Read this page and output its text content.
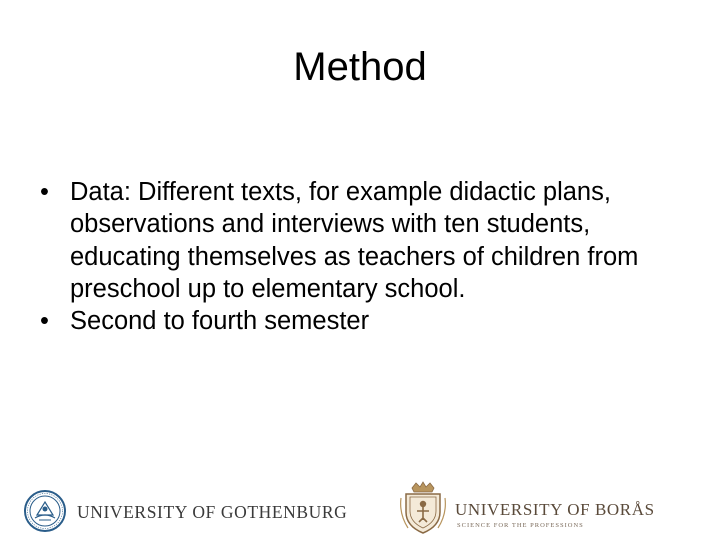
Method
• Data: Different texts, for example didactic plans, observations and interviews with ten students, educating themselves as teachers of children from preschool up to elementary school.
• Second to fourth semester
UNIVERSITY OF GOTHENBURG	UNIVERSITY OF BORÅS
SCIENCE FOR THE PROFESSIONS
